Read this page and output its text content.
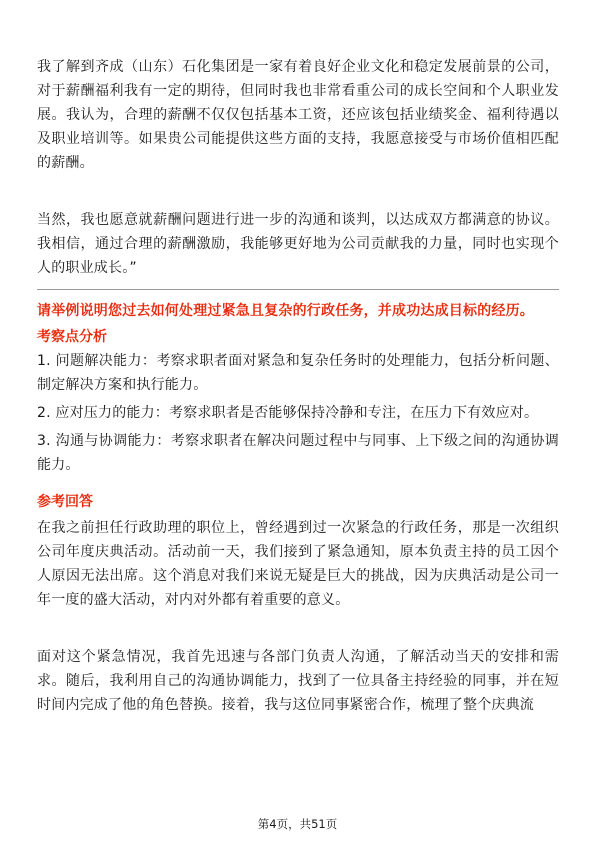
我了解到齐成（山东）石化集团是一家有着良好企业文化和稳定发展前景的公司，对于薪酬福利我有一定的期待，但同时我也非常看重公司的成长空间和个人职业发展。我认为，合理的薪酬不仅仅包括基本工资，还应该包括业绩奖金、福利待遇以及职业培训等。如果贵公司能提供这些方面的支持，我愿意接受与市场价值相匹配的薪酬。

当然，我也愿意就薪酬问题进行进一步的沟通和谈判，以达成双方都满意的协议。我相信，通过合理的薪酬激励，我能够更好地为公司贡献我的力量，同时也实现个人的职业成长。”

请举例说明您过去如何处理过紧急且复杂的行政任务，并成功达成目标的经历。

考察点分析

1. 问题解决能力：考察求职者面对紧急和复杂任务时的处理能力，包括分析问题、制定解决方案和执行能力。

2. 应对压力的能力：考察求职者是否能够保持冷静和专注，在压力下有效应对。

3. 沟通与协调能力：考察求职者在解决问题过程中与同事、上下级之间的沟通协调能力。

参考回答

在我之前担任行政助理的职位上，曾经遇到过一次紧急的行政任务，那是一次组织公司年度庆典活动。活动前一天，我们接到了紧急通知，原本负责主持的员工因个人原因无法出席。这个消息对我们来说无疑是巨大的挑战，因为庆典活动是公司一年一度的盛大活动，对内对外都有着重要的意义。

面对这个紧急情况，我首先迅速与各部门负责人沟通，了解活动当天的安排和需求。随后，我利用自己的沟通协调能力，找到了一位具备主持经验的同事，并在短时间内完成了他的角色替换。接着，我与这位同事紧密合作，梳理了整个庆典流

第4页，共51页
